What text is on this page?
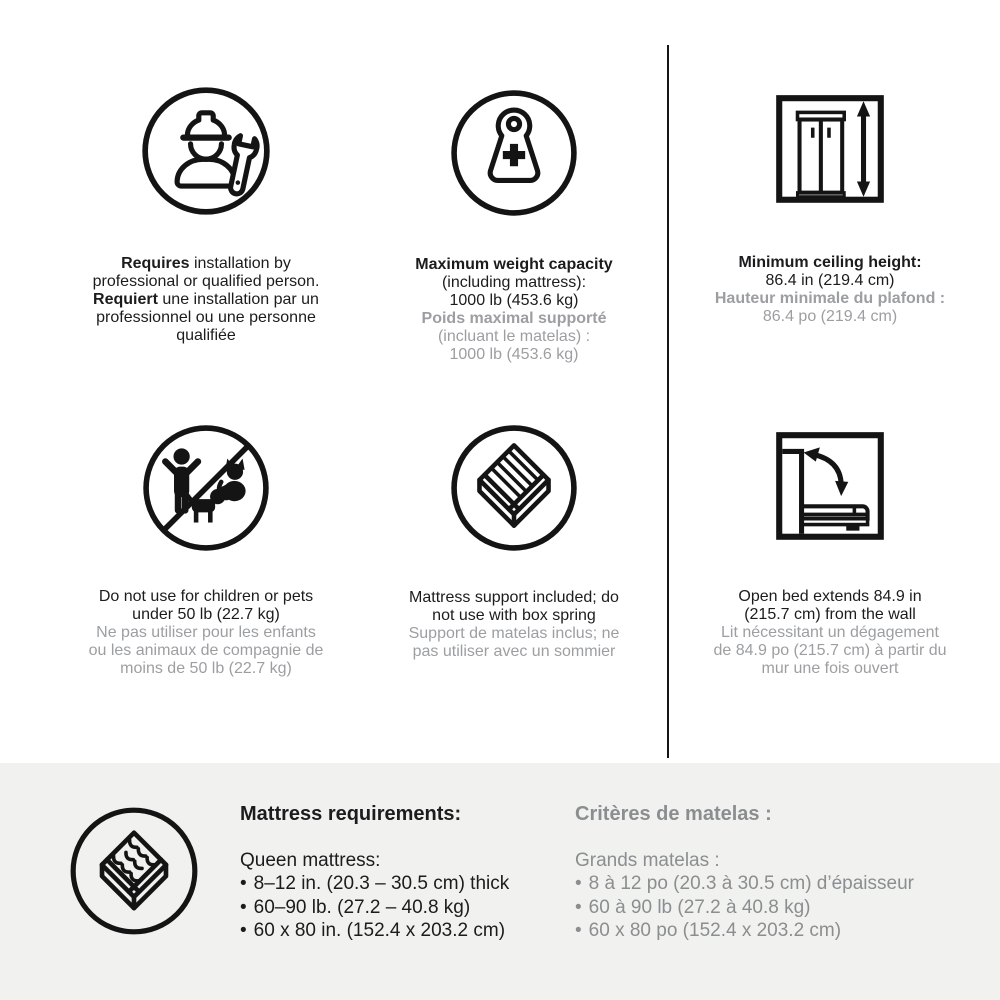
Requires installation by
professional or qualified person.
Requiert une installation par un
professionnel ou une personne
qualifiée

Maximum weight capacity
(including mattress):
1000 lb (453.6 kg)
Poids maximal supporté
(incluant le matelas) :
1000 lb (453.6 kg)

Minimum ceiling height:
86.4 in (219.4 cm)
Hauteur minimale du plafond :
86.4 po (219.4 cm)

Do not use for children or pets
under 50 lb (22.7 kg)
Ne pas utiliser pour les enfants
ou les animaux de compagnie de
moins de 50 lb (22.7 kg)

Mattress support included; do
not use with box spring
Support de matelas inclus; ne
pas utiliser avec un sommier

Open bed extends 84.9 in
(215.7 cm) from the wall
Lit nécessitant un dégagement
de 84.9 po (215.7 cm) à partir du
mur une fois ouvert

Mattress requirements:
Queen mattress:
• 8–12 in. (20.3 – 30.5 cm) thick
• 60–90 lb. (27.2 – 40.8 kg)
• 60 x 80 in. (152.4 x 203.2 cm)
Critères de matelas :
Grands matelas :
• 8 à 12 po (20.3 à 30.5 cm) d’épaisseur
• 60 à 90 lb (27.2 à 40.8 kg)
• 60 x 80 po (152.4 x 203.2 cm)
